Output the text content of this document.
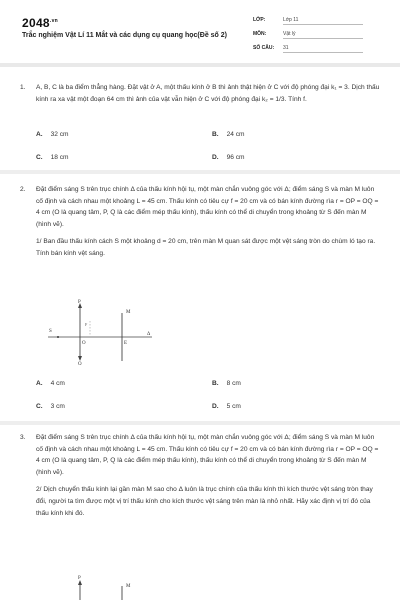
$2048^{.vn}$
Trắc nghiệm Vật Lí 11 Mắt và các dụng cụ quang học(Đề số 2)
LỚP:	Lớp 11
MÔN:	Vật lý
SỐ CÂU: 31
1. A, B, C là ba điểm thẳng hàng. Đặt vật ở A, một thấu kính ở B thì ảnh thật hiện ở C với độ phóng đại k₁ = 3. Dịch thấu kính ra xa vật một đoạn 64 cm thì ảnh của vật vẫn hiện ở C với độ phóng đại k₂ = 1/3. Tính f.
A. 32 cm	B. 24 cm
C. 18 cm	D. 96 cm
2. Đặt điểm sáng S trên trục chính Δ của thấu kính hội tụ, một màn chắn vuông góc với Δ; điểm sáng S và màn M luôn cố định và cách nhau một khoảng L = 45 cm. Thấu kính có tiêu cự f = 20 cm và có bán kính đường rìa r = OP = OQ = 4 cm (O là quang tâm, P, Q là các điểm mép thấu kính), thấu kính có thể di chuyển trong khoảng từ S đến màn M (hình vẽ).
1/ Ban đầu thấu kính cách S một khoảng d = 20 cm, trên màn M quan sát được một vệt sáng tròn do chùm ló tạo ra. Tính bán kính vệt sáng.
P
Q
S
O	E
M
F
Δ
A. 4 cm	B. 8 cm
C. 3 cm	D. 5 cm
3. Đặt điểm sáng S trên trục chính Δ của thấu kính hội tụ, một màn chắn vuông góc với Δ; điểm sáng S và màn M luôn cố định và cách nhau một khoảng L = 45 cm. Thấu kính có tiêu cự f = 20 cm và có bán kính đường rìa r = OP = OQ = 4 cm (O là quang tâm, P, Q là các điểm mép thấu kính), thấu kính có thể di chuyển trong khoảng từ S đến màn M (hình vẽ).
2/ Dịch chuyển thấu kính lại gần màn M sao cho Δ luôn là trục chính của thấu kính thì kích thước vệt sáng tròn thay đổi, người ta tìm được một vị trí thấu kính cho kích thước vệt sáng trên màn là nhỏ nhất. Hãy xác định vị trí đó của thấu kính khi đó.
P
M
